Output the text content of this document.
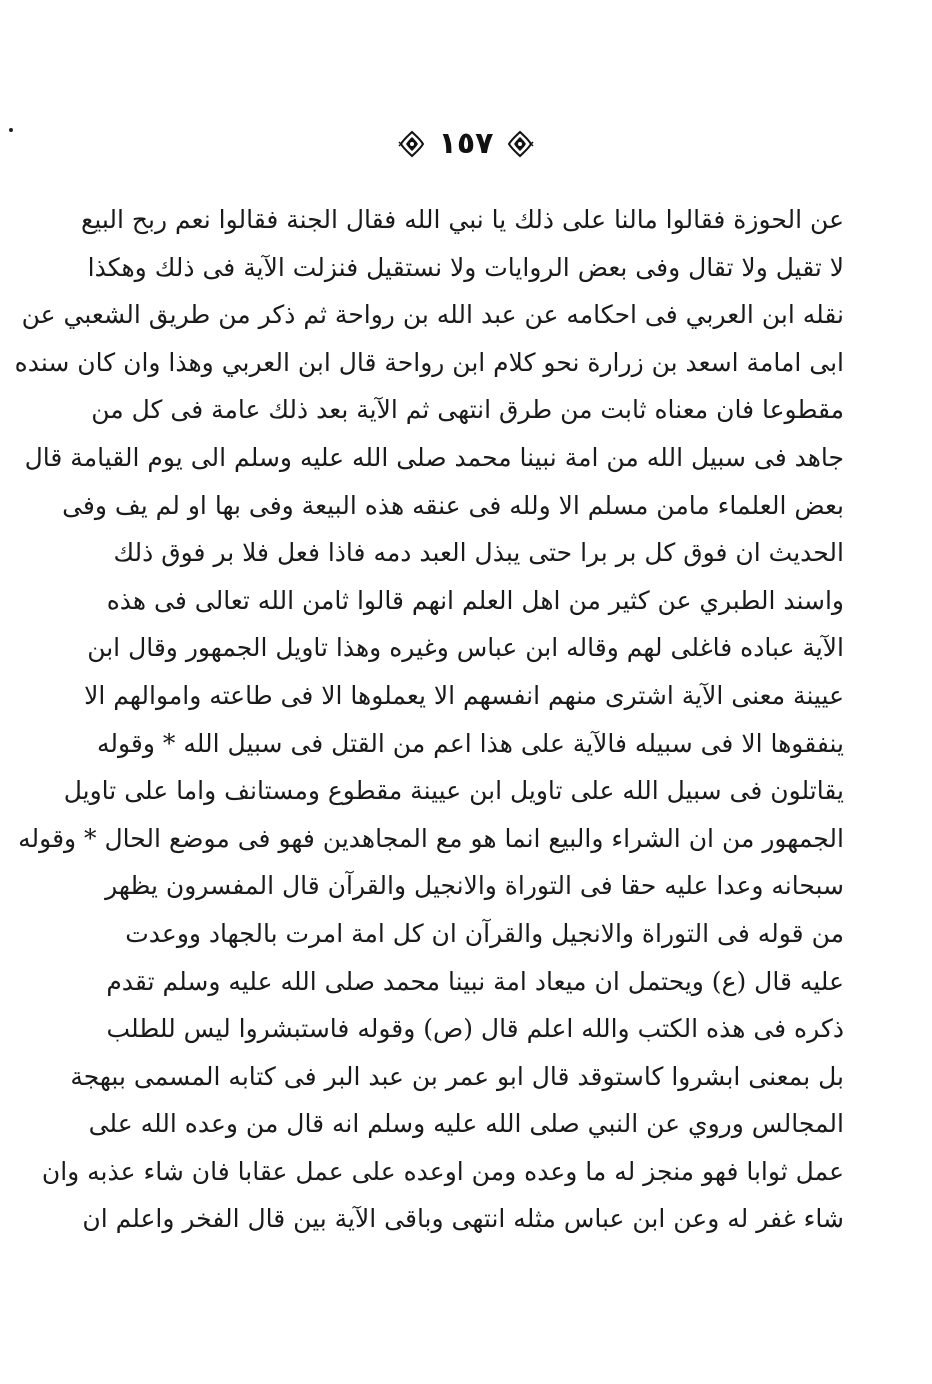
١٥٧
عن الحوزة فقالوا مالنا على ذلك يا نبي الله فقال الجنة فقالوا نعم ربح البيع
لا تقيل ولا تقال وفى بعض الروايات ولا نستقيل فنزلت الآية فى ذلك وهكذا
نقله ابن العربي فى احكامه عن عبد الله بن رواحة ثم ذكر من طريق الشعبي عن
ابى امامة اسعد بن زرارة نحو كلام ابن رواحة قال ابن العربي وهذا وان كان سنده
مقطوعا فان معناه ثابت من طرق انتهى ثم الآية بعد ذلك عامة فى كل من
جاهد فى سبيل الله من امة نبينا محمد صلى الله عليه وسلم الى يوم القيامة قال
بعض العلماء مامن مسلم الا ولله فى عنقه هذه البيعة وفى بها او لم يف وفى
الحديث ان فوق كل بر برا حتى يبذل العبد دمه فاذا فعل فلا بر فوق ذلك
واسند الطبري عن كثير من اهل العلم انهم قالوا ثامن الله تعالى فى هذه
الآية عباده فاغلى لهم وقاله ابن عباس وغيره وهذا تاويل الجمهور وقال ابن
عيينة معنى الآية اشترى منهم انفسهم الا يعملوها الا فى طاعته واموالهم الا
ينفقوها الا فى سبيله فالآية على هذا اعم من القتل فى سبيل الله * وقوله
يقاتلون فى سبيل الله على تاويل ابن عيينة مقطوع ومستانف واما على تاويل
الجمهور من ان الشراء والبيع انما هو مع المجاهدين فهو فى موضع الحال * وقوله
سبحانه وعدا عليه حقا فى التوراة والانجيل والقرآن قال المفسرون يظهر
من قوله فى التوراة والانجيل والقرآن ان كل امة امرت بالجهاد ووعدت
عليه قال (ع) ويحتمل ان ميعاد امة نبينا محمد صلى الله عليه وسلم تقدم
ذكره فى هذه الكتب والله اعلم قال (ص) وقوله فاستبشروا ليس للطلب
بل بمعنى ابشروا كاستوقد قال ابو عمر بن عبد البر فى كتابه المسمى ببهجة
المجالس وروي عن النبي صلى الله عليه وسلم انه قال من وعده الله على
عمل ثوابا فهو منجز له ما وعده ومن اوعده على عمل عقابا فان شاء عذبه وان
شاء غفر له وعن ابن عباس مثله انتهى وباقى الآية بين قال الفخر واعلم ان
